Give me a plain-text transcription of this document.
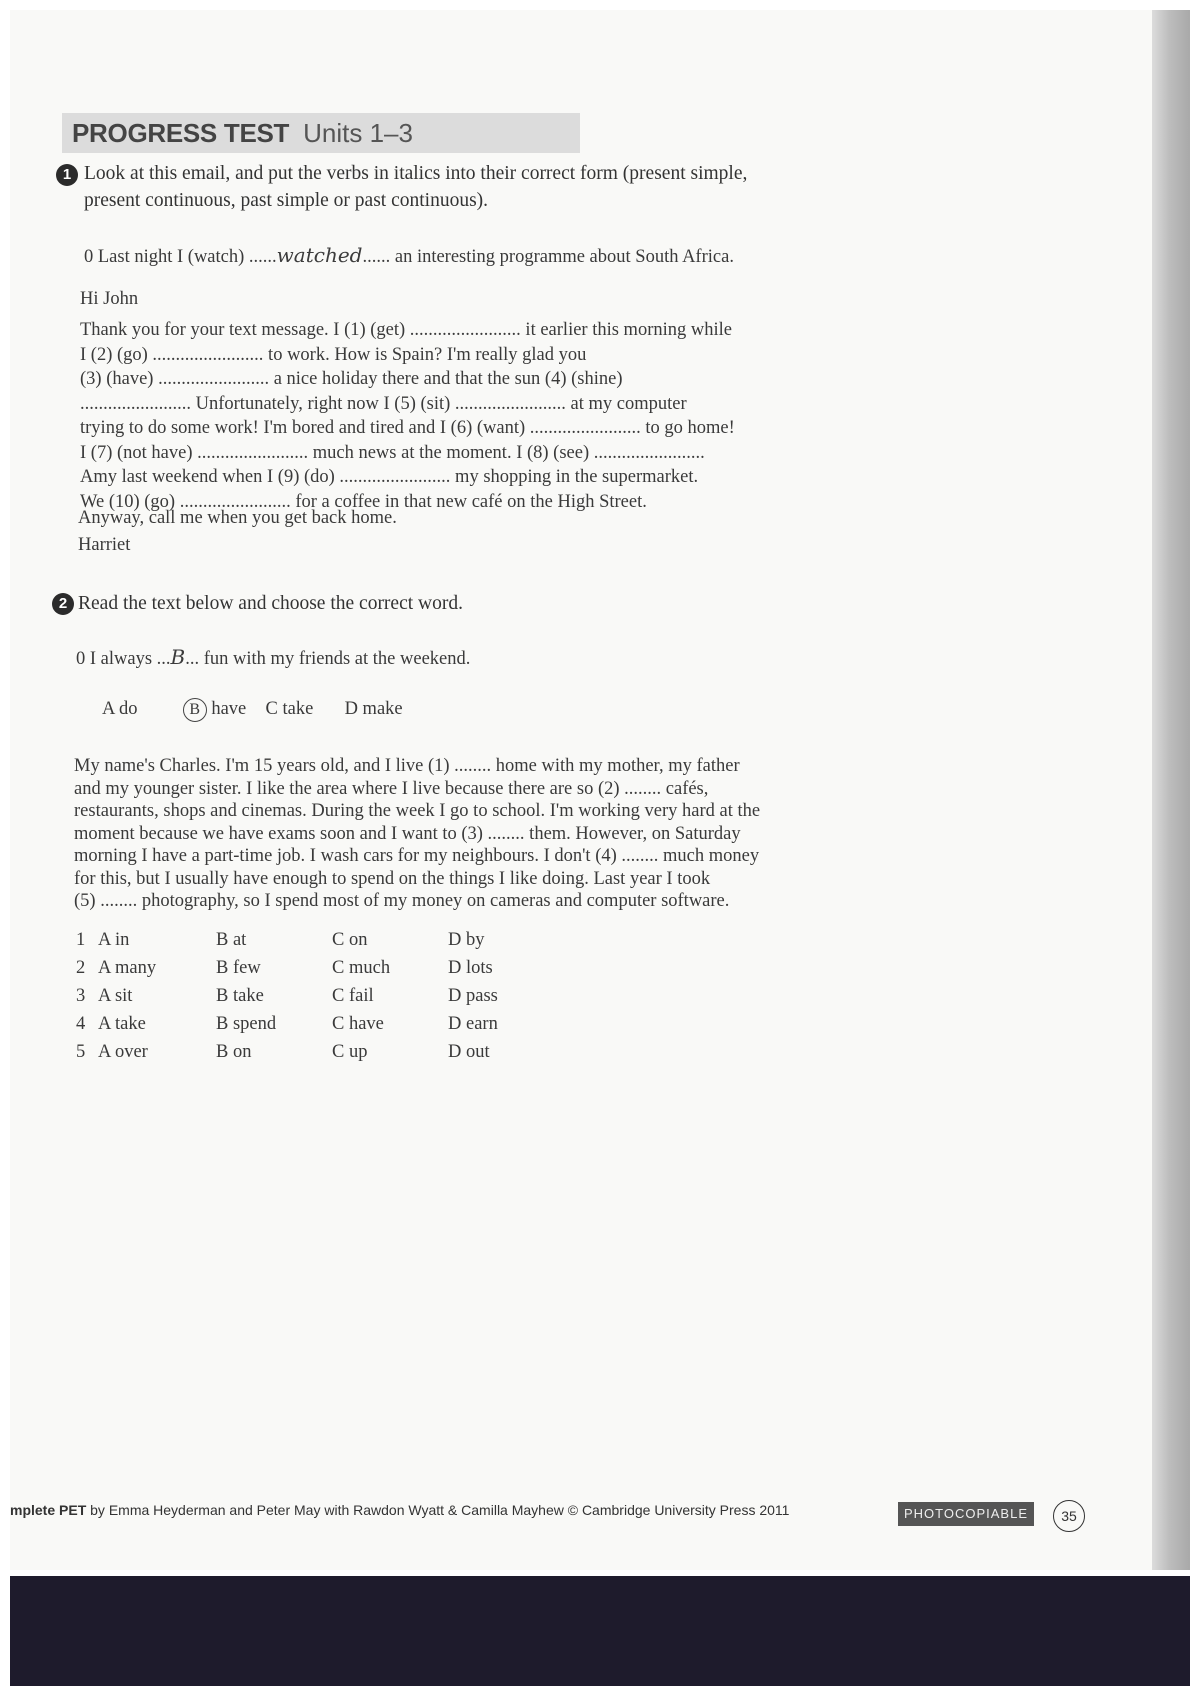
PROGRESS TEST Units 1–3
1 Look at this email, and put the verbs in italics into their correct form (present simple,
present continuous, past simple or past continuous).
0 Last night I (watch) ......watched...... an interesting programme about South Africa.
Hi John
Thank you for your text message. I (1) (get) ........................ it earlier this morning while
I (2) (go) ........................ to work. How is Spain? I'm really glad you
(3) (have) ........................ a nice holiday there and that the sun (4) (shine)
........................ Unfortunately, right now I (5) (sit) ........................ at my computer
trying to do some work! I'm bored and tired and I (6) (want) ........................ to go home!
I (7) (not have) ........................ much news at the moment. I (8) (see) ........................
Amy last weekend when I (9) (do) ........................ my shopping in the supermarket.
We (10) (go) ........................ for a coffee in that new café on the High Street.
Anyway, call me when you get back home.
Harriet
2 Read the text below and choose the correct word.
0 I always ...B... fun with my friends at the weekend.
A do	B have C take D make
My name's Charles. I'm 15 years old, and I live (1) ........ home with my mother, my father
and my younger sister. I like the area where I live because there are so (2) ........ cafés,
restaurants, shops and cinemas. During the week I go to school. I'm working very hard at the
moment because we have exams soon and I want to (3) ........ them. However, on Saturday
morning I have a part-time job. I wash cars for my neighbours. I don't (4) ........ much money
for this, but I usually have enough to spend on the things I like doing. Last year I took
(5) ........ photography, so I spend most of my money on cameras and computer software.
1 A in	B at	C on	D by
2 A many	B few	C much	D lots
3 A sit	B take	C fail	D pass
4 A take	B spend	C have	D earn
5 A over	B on	C up	D out
mplete PET by Emma Heyderman and Peter May with Rawdon Wyatt & Camilla Mayhew © Cambridge University Press 2011	PHOTOCOPIABLE	35
